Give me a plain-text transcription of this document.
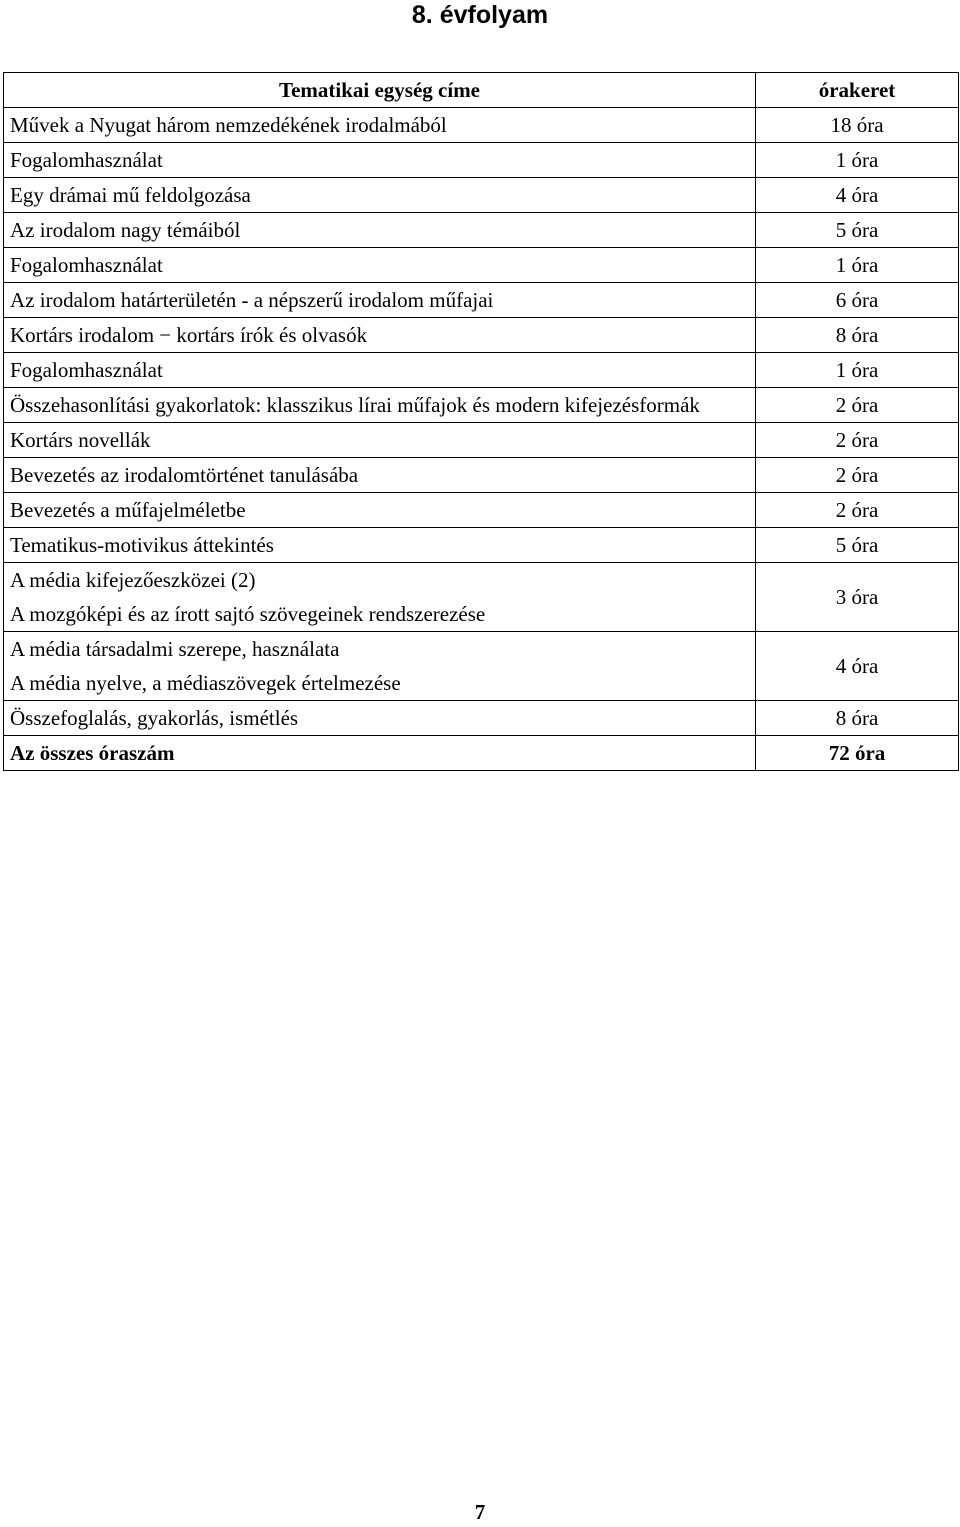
8. évfolyam
Tematikai egység címe	órakeret

Művek a Nyugat három nemzedékének irodalmából	18 óra

Fogalomhasználat	1 óra

Egy drámai mű feldolgozása	4 óra

Az irodalom nagy témáiból	5 óra

Fogalomhasználat	1 óra

Az irodalom határterületén - a népszerű irodalom műfajai	6 óra

Kortárs irodalom − kortárs írók és olvasók	8 óra

Fogalomhasználat	1 óra
Összehasonlítási gyakorlatok: klasszikus lírai műfajok és modern kifejezésformák	2 óra

Kortárs novellák	2 óra

Bevezetés az irodalomtörténet tanulásába	2 óra

Bevezetés a műfajelméletbe	2 óra

Tematikus-motivikus áttekintés	5 óra

A média kifejezőeszközei (2)
A mozgóképi és az írott sajtó szövegeinek rendszerezése	3 óra

A média társadalmi szerepe, használata
A média nyelve, a médiaszövegek értelmezése	4 óra

Összefoglalás, gyakorlás, ismétlés	8 óra
Az összes óraszám	72 óra
7
